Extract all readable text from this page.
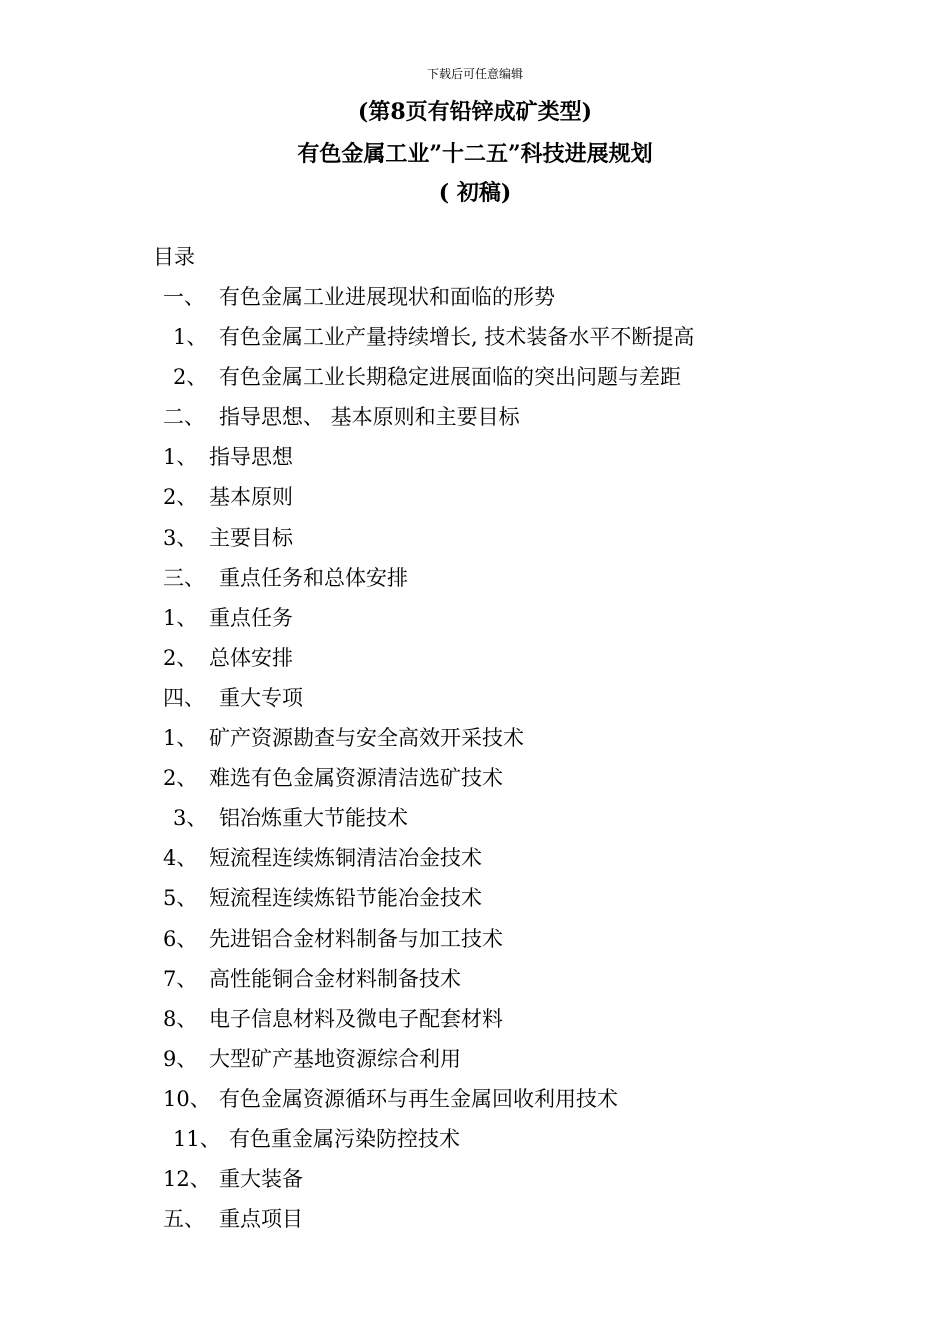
下载后可任意编辑
(第8页有铅锌成矿类型)
有色金属工业”十二五”科技进展规划
( 初稿)
目录
一、 有色金属工业进展现状和面临的形势
1、 有色金属工业产量持续增长, 技术装备水平不断提高
2、 有色金属工业长期稳定进展面临的突出问题与差距
二、 指导思想、 基本原则和主要目标
1、 指导思想
2、 基本原则
3、 主要目标
三、 重点任务和总体安排
1、 重点任务
2、 总体安排
四、 重大专项
1、 矿产资源勘查与安全高效开采技术
2、 难选有色金属资源清洁选矿技术
3、 铝冶炼重大节能技术
4、 短流程连续炼铜清洁冶金技术
5、 短流程连续炼铅节能冶金技术
6、 先进铝合金材料制备与加工技术
7、 高性能铜合金材料制备技术
8、 电子信息材料及微电子配套材料
9、 大型矿产基地资源综合利用
10、 有色金属资源循环与再生金属回收利用技术
11、 有色重金属污染防控技术
12、 重大装备
五、 重点项目
